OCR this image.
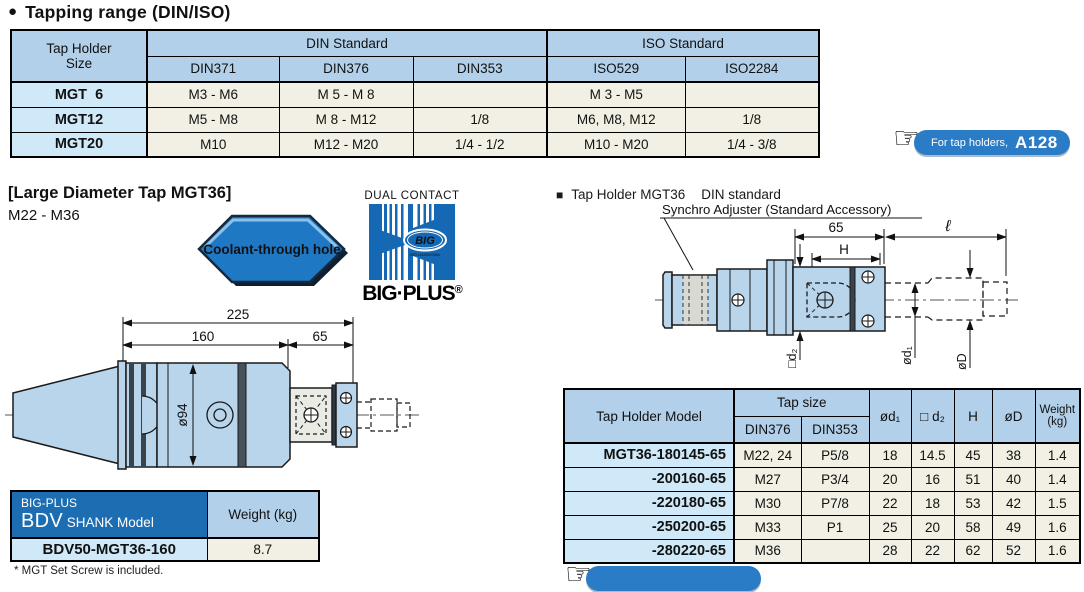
● Tapping range (DIN/ISO)
Tap Holder
Size	DIN Standard			ISO Standard	
	DIN371	DIN376	DIN353	ISO529	ISO2284
MGT  6	M3 - M6	M 5 - M 8		M 3 - M5	
MGT12	M5 - M8	M 8 - M12	1/8	M6, M8, M12	1/8
MGT20	M10	M12 - M20	1/4 - 1/2	M10 - M20	1/4 - 3/8	☞ For tap holders, A128
[Large Diameter Tap MGT36]
M22 - M36
Coolant-through hole
DUAL CONTACT
BIG
BIG DAISHOWA
BIG·PLUS®
225
160	65
ø94
BIG-PLUS
BDV SHANK Model	Weight (kg)
BDV50-MGT36-160	8.7
* MGT Set Screw is included.
■ Tap Holder MGT36 DIN standard
Synchro Adjuster (Standard Accessory)
65	ℓ
H
□d₂	ød₁	øD
Tap Holder Model	Tap size		ød₁	□ d₂	H	øD	Weight
(kg)

	DIN376	DIN353					
MGT36-180145-65	M22, 24	P5/8	18	14.5	45	38	1.4
-200160-65	M27	P3/4	20	16	51	40	1.4
-220180-65	M30	P7/8	22	18	53	42	1.5
-250200-65	M33	P1	25	20	58	49	1.6
-280220-65	M36		28	22	62	52	1.6
☞
